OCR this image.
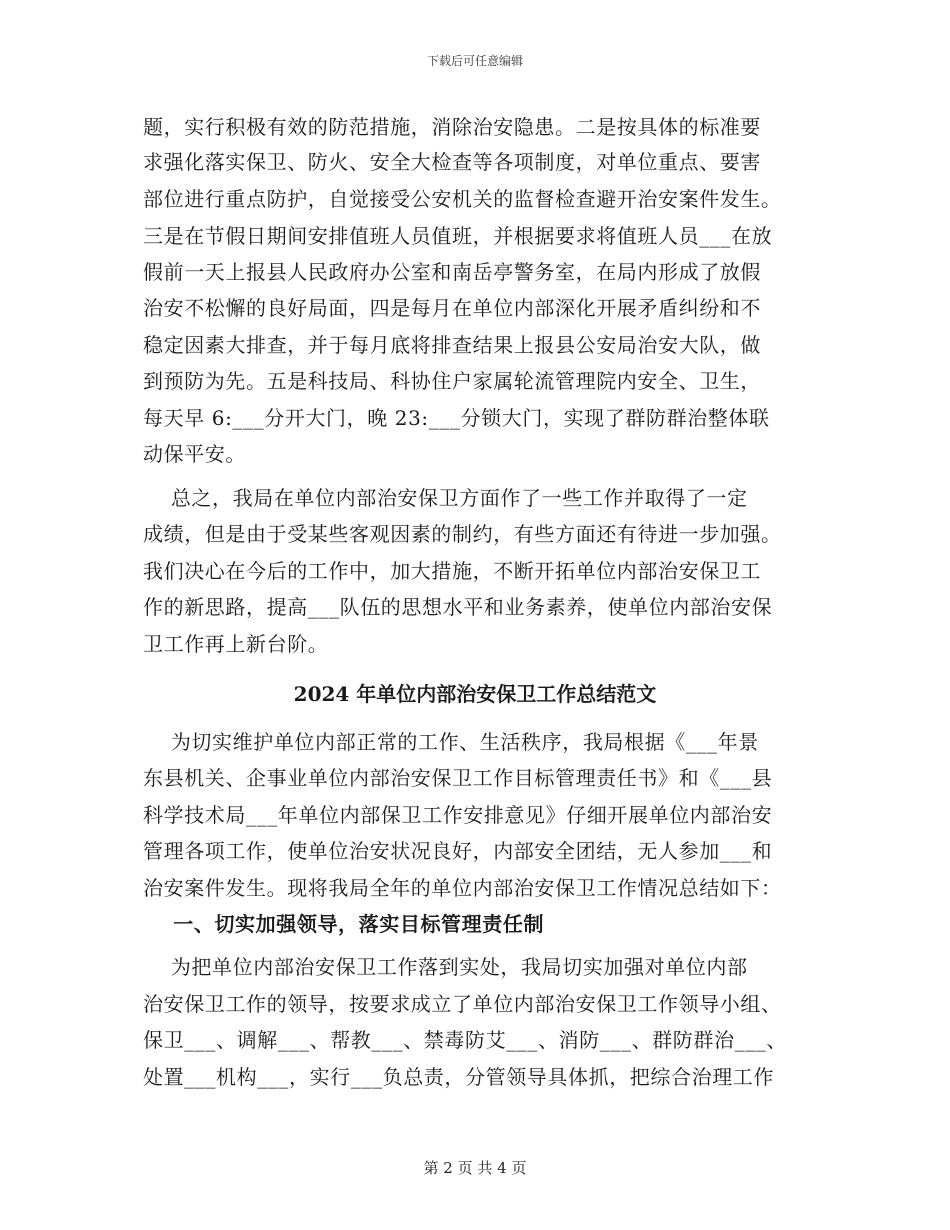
下载后可任意编辑
题，实行积极有效的防范措施，消除治安隐患。二是按具体的标准要
求强化落实保卫、防火、安全大检查等各项制度，对单位重点、要害
部位进行重点防护，自觉接受公安机关的监督检查避开治安案件发生。
三是在节假日期间安排值班人员值班，并根据要求将值班人员___在放
假前一天上报县人民政府办公室和南岳亭警务室，在局内形成了放假
治安不松懈的良好局面，四是每月在单位内部深化开展矛盾纠纷和不
稳定因素大排查，并于每月底将排查结果上报县公安局治安大队，做
到预防为先。五是科技局、科协住户家属轮流管理院内安全、卫生，
每天早 6:___分开大门，晚 23:___分锁大门，实现了群防群治整体联
动保平安。
总之，我局在单位内部治安保卫方面作了一些工作并取得了一定
成绩，但是由于受某些客观因素的制约，有些方面还有待进一步加强。
我们决心在今后的工作中，加大措施，不断开拓单位内部治安保卫工
作的新思路，提高___队伍的思想水平和业务素养，使单位内部治安保
卫工作再上新台阶。
2024 年单位内部治安保卫工作总结范文
为切实维护单位内部正常的工作、生活秩序，我局根据《___年景
东县机关、企事业单位内部治安保卫工作目标管理责任书》和《___县
科学技术局___年单位内部保卫工作安排意见》仔细开展单位内部治安
管理各项工作，使单位治安状况良好，内部安全团结，无人参加___和
治安案件发生。现将我局全年的单位内部治安保卫工作情况总结如下：
一、切实加强领导，落实目标管理责任制
为把单位内部治安保卫工作落到实处，我局切实加强对单位内部
治安保卫工作的领导，按要求成立了单位内部治安保卫工作领导小组、
保卫___、调解___、帮教___、禁毒防艾___、消防___、群防群治___、
处置___机构___，实行___负总责，分管领导具体抓，把综合治理工作
第 2 页 共 4 页
